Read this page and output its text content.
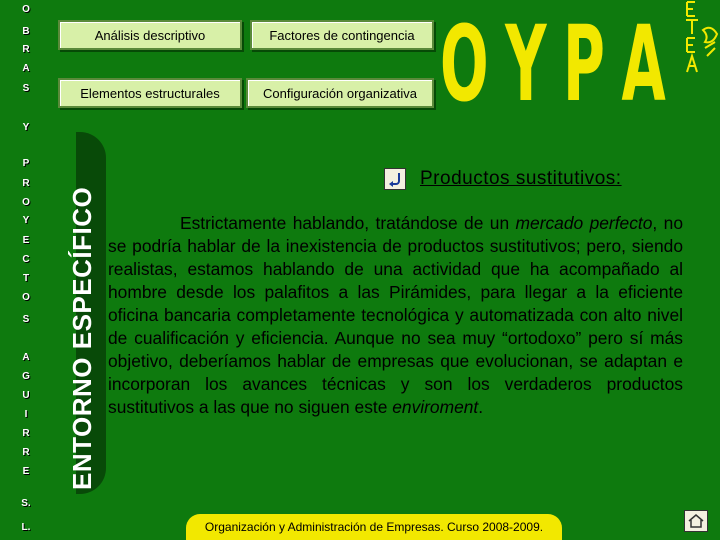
O
B
R
A
S
Y
P
R
O
Y
E
C
T
O
S
A
G
U
I
R
R
E
S.
L.
Análisis descriptivo	Factores de contingencia
Elementos estructurales	Configuración organizativa O Y P A
ENTORNO ESPECÍFICO
Productos sustitutivos:

Estrictamente hablando, tratándose de un mercado perfecto, no se podría hablar de la inexistencia de productos sustitutivos; pero, siendo realistas, estamos hablando de una actividad que ha acompañado al hombre desde los palafitos a las Pirámides, para llegar a la eficiente oficina bancaria completamente tecnológica y automatizada con alto nivel de cualificación y eficiencia. Aunque no sea muy “ortodoxo” pero sí más objetivo, deberíamos hablar de empresas que evolucionan, se adaptan e incorporan los avances técnicas y son los verdaderos productos sustitutivos a las que no siguen este enviroment.

Organización y Administración de Empresas. Curso 2008-2009.
